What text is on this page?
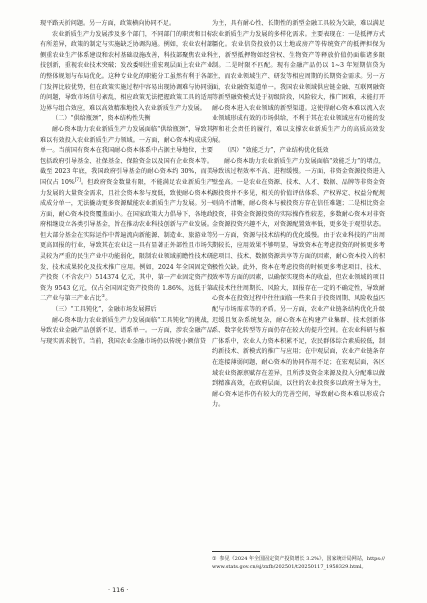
现平路天折问题。另一方面，政策横向协同不足。

农业新质生产力发展涉及多个部门，不同部门的职责和目标有所差异，政策的制定与实施缺乏协调沟通。例如，农业农村部侧重农业生产体系建设和农村基础设施改善，科技部聚焦农业科技创新，重视农业技术突破；发改委则注重宏观层面上农业产业的整体规划与布局优化。这种专业化的职能分工虽然有利于各部门发挥比较优势，但在政策实施过程中容易出现协调难与协同弱的问题，导致市场信号紊乱，相应政策无法把握政策工具的适用边界与组合效应，难以高效精准地投入农业新质生产力发展。

（二）“供给瓶颈”，资本结构性失衡

耐心资本助力农业新质生产力发展面临“供给瓶颈”，导致其难以有效投入农业新质生产力领域。一方面，耐心资本构成成分单一。当前国有资本在我国耐心资本体系中占据主导地位，主要包括政府引导基金、社保基金、保险资金以及国有企业资本等。截至 2023 年底，我国政府引导基金的耐心资本约 30%，而美国仅占 10%[7]。但政府资金数量有限，不能满足农业新质生产力发展的大量资金需求，且社会资本参与度低，致使耐心资本构成成分单一，无法撬动更多资源赋能农业新质生产力发展。另一方面，耐心资本投资覆盖面小。在国家政策大力倡导下，各地政府相继设立各类引导基金，旨在推动农业科技创新与产业发展。但大部分基金在实际运作中普遍流向新能源、制造业、旅游业等更高回报的行业，导致其在农业这一具有显著正外部性且市场失灵较为严重的民生产业中功能弱化，限制农业领域前瞻性技术研发、技术成果转化及技术推广应用。例如，2024 年全国固定资产投资（不含农户）514374 亿元，其中，第一产业固定资产投资为 9543 亿元，仅占全国固定资产投资的 1.86%，远低于第二产业与第三产业占比①。

（三）“工具钝化”，金融市场发展滞后

耐心资本助力农业新质生产力发展面临“工具钝化”的挑战，导致农业金融产品创新不足、谱系单一。一方面，涉农金融产品与现实需求脱节。当前，我国农业金融市场仍以传统小额信贷

为主，具有耐心性、长期性的新型金融工具较为欠缺，难以满足农业新质生产力发展的多样化需求。主要表现在：一是抵押方式僵化。农业信贷投放仍以土地或房产等传统资产的抵押担保为主，新型抵押物如经营权、生物资产等释放价值仍面临诸多限制。二是时限不匹配。现有金融产品仍以 1~3 年短期信贷为主，而农业领域生产、研发等相应周期的长期资金需求。另一方面，农业融资渠道单一。我国农业领域供应链金融、互联网融资等新型融资模式处于初级阶段，风险较大，推广困难，未能打开耐心资本进入农业领域的新型渠道。这使得耐心资本难以流入农业领域形成有效的市场供给，不利于其在农业领域应有功能的发挥和社会责任的履行，难以支撑农业新质生产力的高质高效发展。

（四）“效能乏力”，产业结构优化低效

耐心资本助力农业新质生产力发展面临“效能乏力”的堵点，导致该过程效率不高、进程缓慢。一方面，非资金资源投资进入壁垒高。一是农业在资源、技术、人才、数据、品牌等非资金资源投资并不多见，相关的价值评估体系、产权界定、权益分配规则尚不清晰，耐心资本与被投资方存在信任难题；二是相比资金投资，非资金资源投资的实际操作性较差，多数耐心资本对非资金资源投资兴趣不大，对资源配置效率低，更多处于观望状态。另一方面，资源与技术结构的优化缓慢。由于农业科技的产出周期较长，应用效果不够明显，导致资本在考虑投资的时候更多考虑项目、技术、数据资源共享等方面的因素，耐心资本投入的积极性欠缺。此外，资本在考虑投资的时候更多考虑项目、技术、效率等方面的因素，以确保实现资本的收益，但农业领域的项目或技术往往周期长、风险大，回报存在一定的不确定性，导致耐心资本在投资过程中往往面临一些来自于投资周期、风险收益匹配与市场需求等的矛盾。另一方面，农业产业链条结构优化升级迟缓且复杂系统复杂，耐心资本在构建产业集群、技术创新体系、数字化转型等方面仍存在较大的提升空间。在农业科研与推广体系中，农业人力资本积累不足，农民群体综合素质较低，制约新技术、新模式的推广与应用；在中观层面，农业产业链条存在连接薄弱问题，耐心资本的协同作用不足；在宏观层面，各区域农业资源禀赋存在差异，且所涉及资金来源及投入分配难以做到精准高效，在政府层面，以往的农业投资多以政府主导为主，耐心资本运作仍有较大的完善空间，导致耐心资本难以形成合力。

① 参见《2024 年全国固定资产投资增长 3.2%》，国家统计局网站，https://www.stats.gov.cn/sj/zxfb/202501/t20250117_1958329.html。
· 116 ·
